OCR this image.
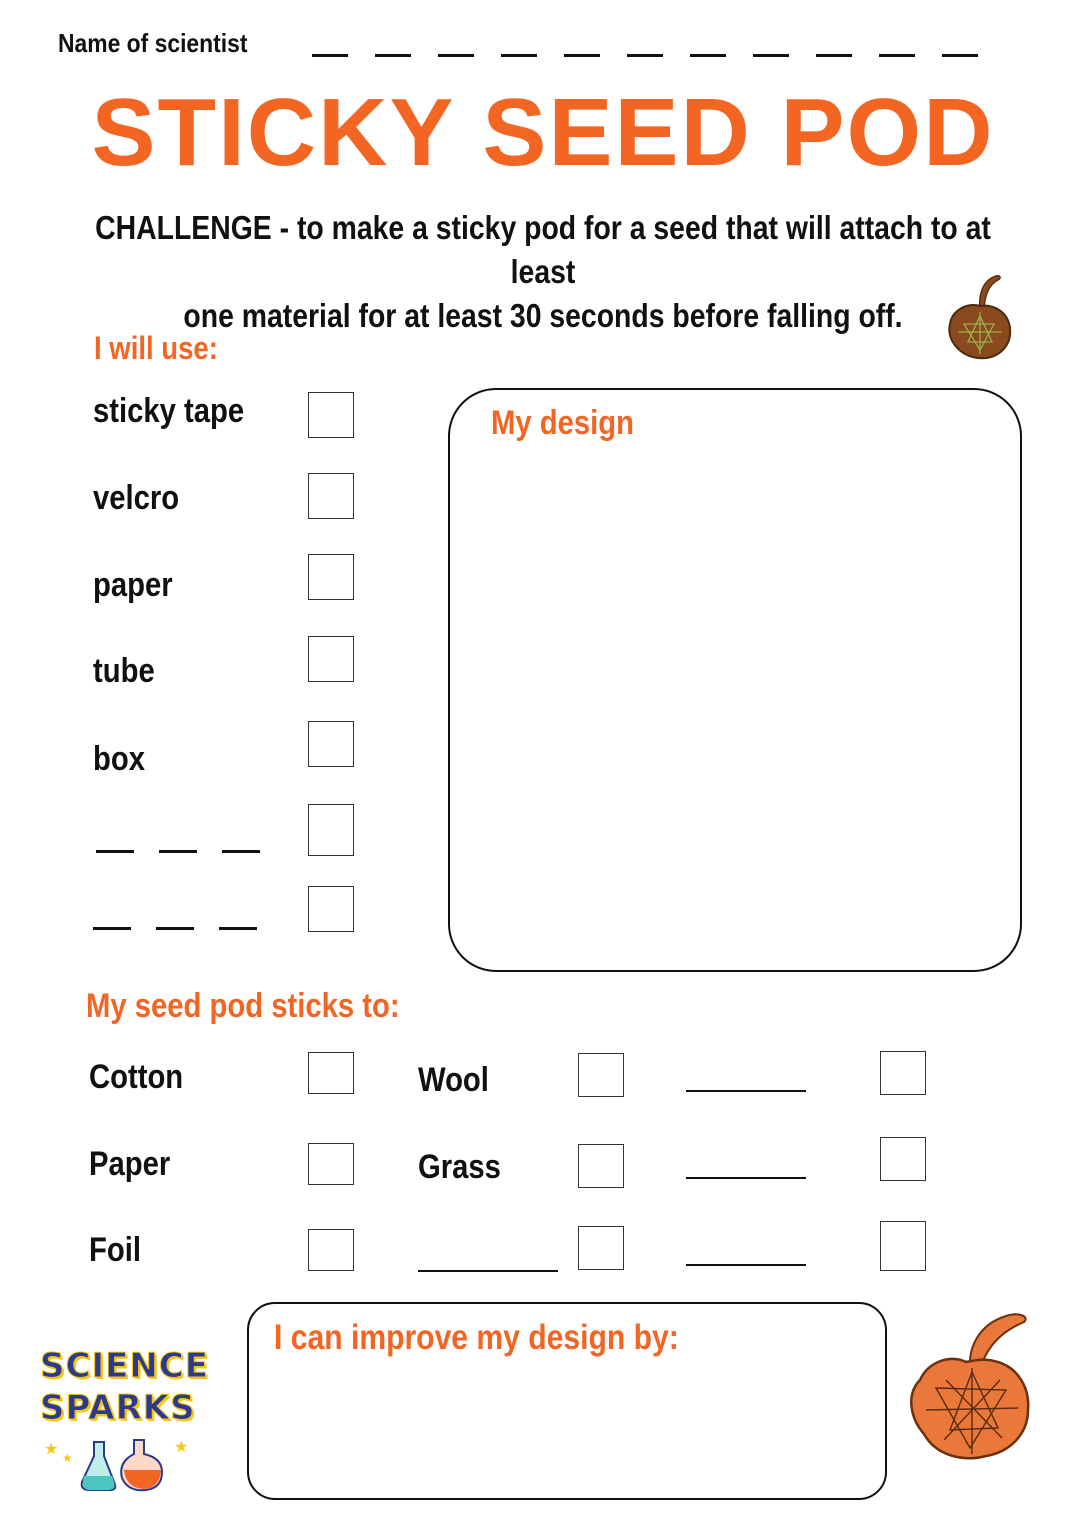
Name of scientist
STICKY SEED POD
CHALLENGE - to make a sticky pod for a seed that will attach to at least
one material for at least 30 seconds before falling off.
I will use:
sticky tape
velcro
paper
tube
box
My design
My seed pod sticks to:
Cotton
Paper
Foil
Wool
Grass
I can improve my design by:
SCIENCE
SPARKS
★ ★
★
